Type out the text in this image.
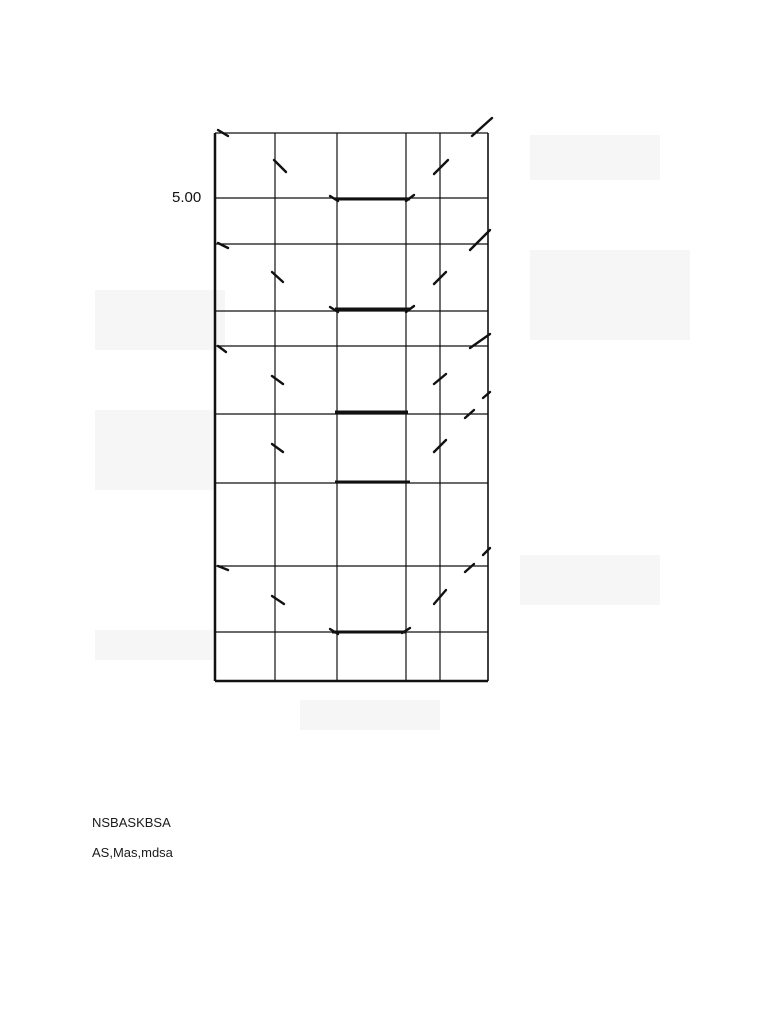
5.00
NSBASKBSA
AS,Mas,mdsa
